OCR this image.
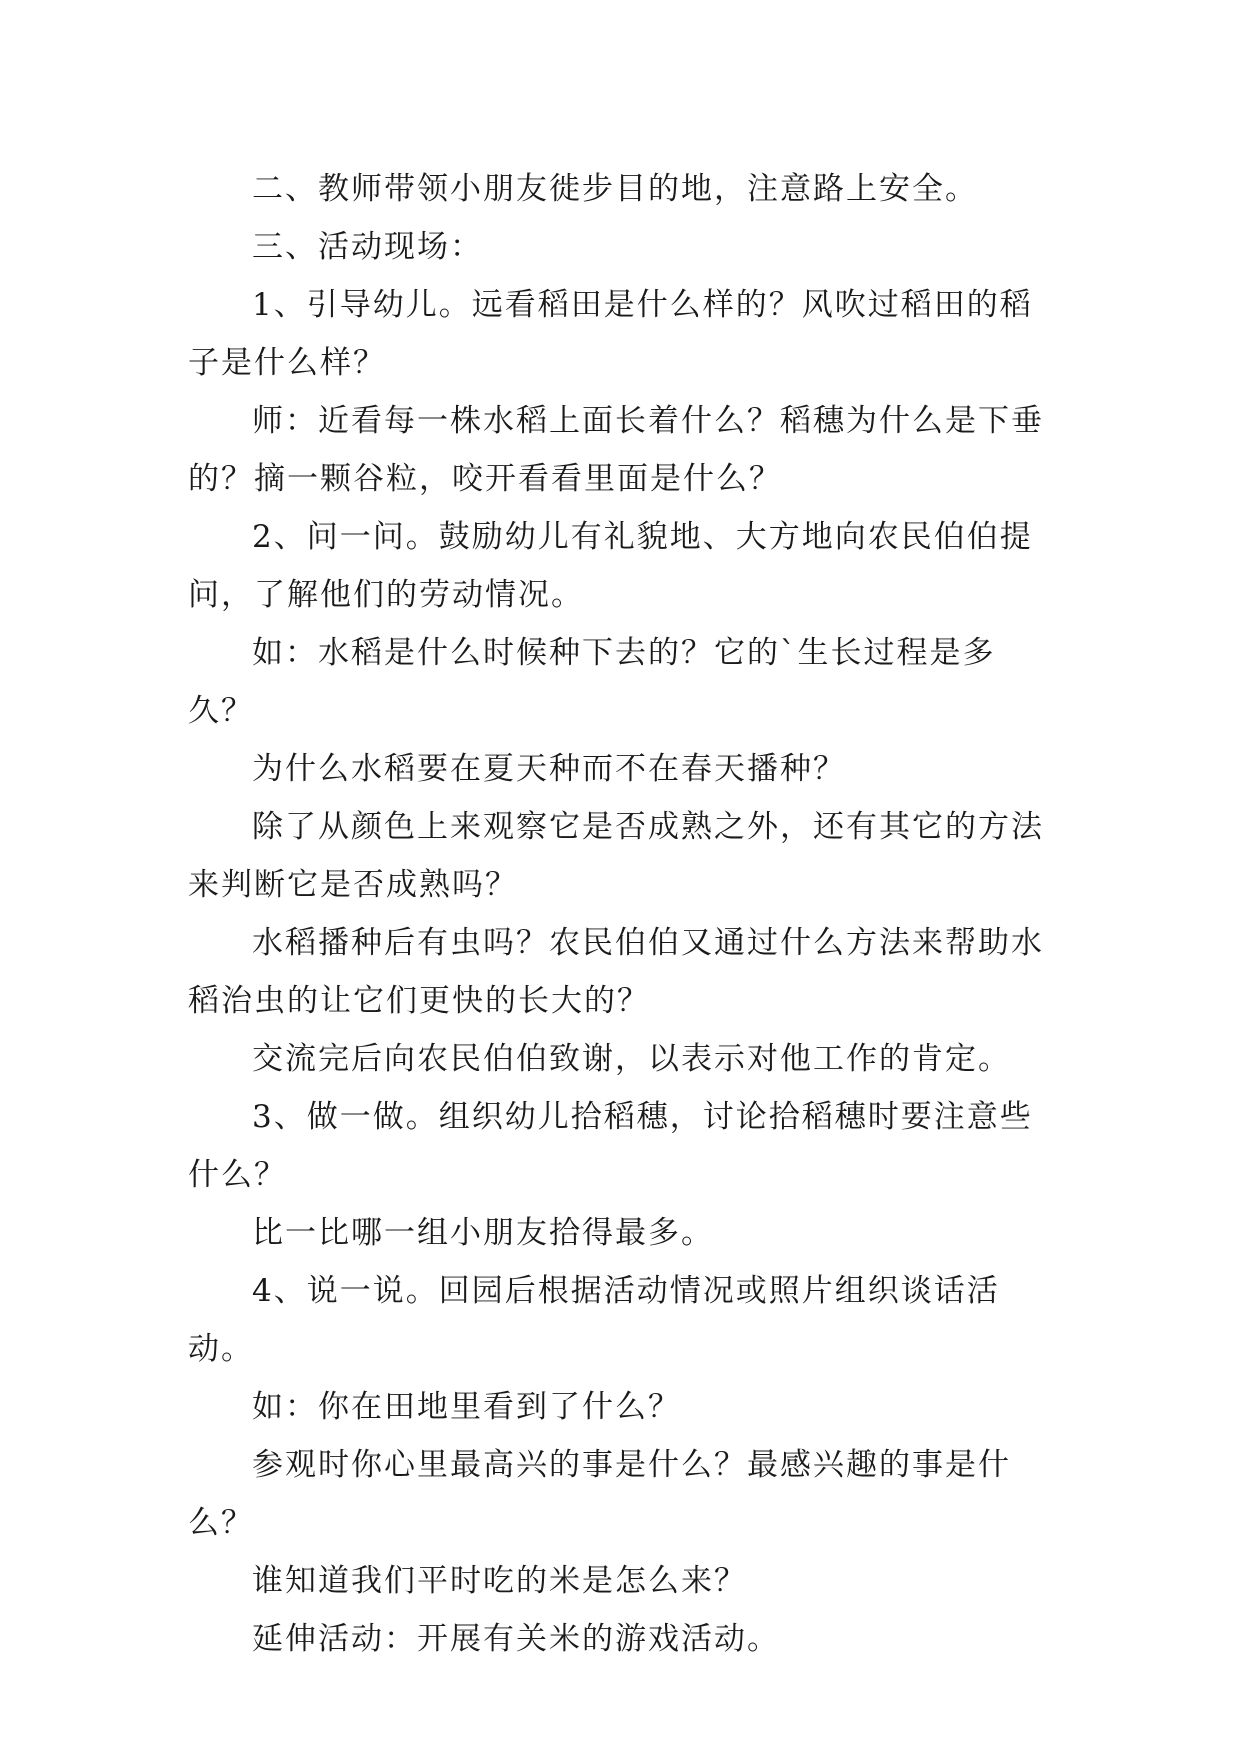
二、教师带领小朋友徙步目的地，注意路上安全。

三、活动现场：

1、引导幼儿。远看稻田是什么样的？风吹过稻田的稻子是什么样？

师：近看每一株水稻上面长着什么？稻穗为什么是下垂的？摘一颗谷粒，咬开看看里面是什么？

2、问一问。鼓励幼儿有礼貌地、大方地向农民伯伯提问，了解他们的劳动情况。

如：水稻是什么时候种下去的？它的`生长过程是多久？

为什么水稻要在夏天种而不在春天播种？

除了从颜色上来观察它是否成熟之外，还有其它的方法来判断它是否成熟吗？

水稻播种后有虫吗？农民伯伯又通过什么方法来帮助水稻治虫的让它们更快的长大的？

交流完后向农民伯伯致谢，以表示对他工作的肯定。

3、做一做。组织幼儿拾稻穗，讨论拾稻穗时要注意些什么？

比一比哪一组小朋友拾得最多。

4、说一说。回园后根据活动情况或照片组织谈话活动。

如：你在田地里看到了什么？

参观时你心里最高兴的事是什么？最感兴趣的事是什么？

谁知道我们平时吃的米是怎么来？

延伸活动：开展有关米的游戏活动。
